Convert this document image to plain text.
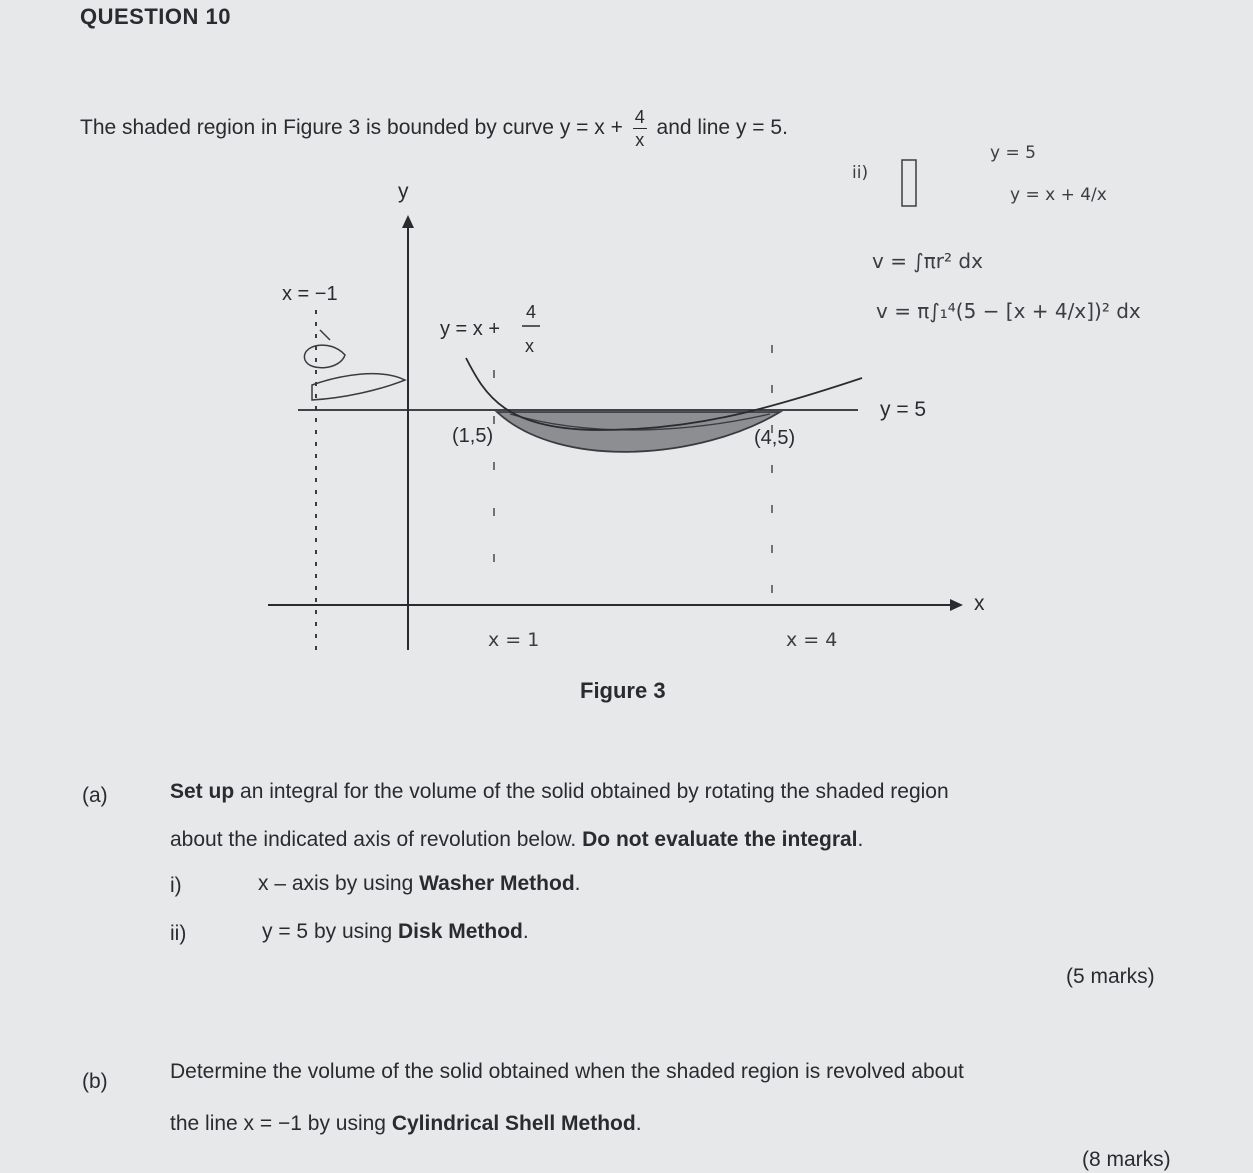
QUESTION 10
The shaded region in Figure 3 is bounded by curve $y = x + \frac{4}{x}$ and line y = 5.
y
x
y = 5
x = −1
y = x +
4
x
(1,5)	(4,5)
ii)
y = 5
y = x + 4/x
v = ∫πr² dx
v = π∫₁⁴(5 − [x + 4/x])² dx
x = 1	x = 4
Figure 3
(a)	Set up an integral for the volume of the solid obtained by rotating the shaded region
about the indicated axis of revolution below. Do not evaluate the integral.
i)	x – axis by using Washer Method.
ii)	y = 5 by using Disk Method.
(5 marks)
(b)	Determine the volume of the solid obtained when the shaded region is revolved about
the line x = −1 by using Cylindrical Shell Method.
(8 marks)
